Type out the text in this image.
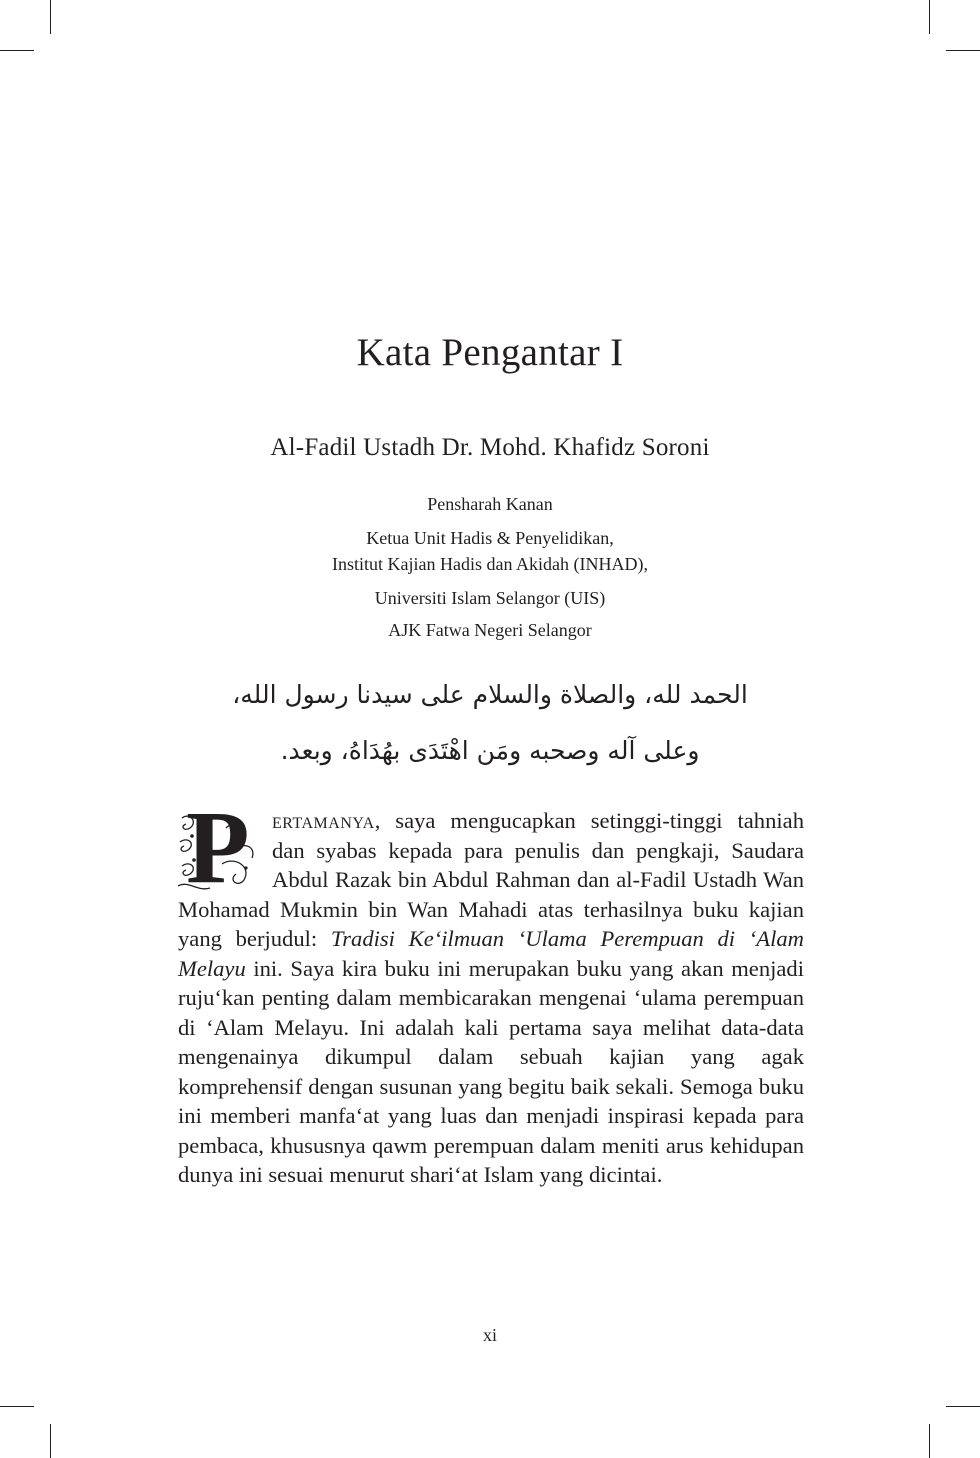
Kata Pengantar I
Al-Fadil Ustadh Dr. Mohd. Khafidz Soroni
Pensharah Kanan
Ketua Unit Hadis & Penyelidikan,
Institut Kajian Hadis dan Akidah (INHAD),
Universiti Islam Selangor (UIS)
AJK Fatwa Negeri Selangor
الحمد لله، والصلاة والسلام على سيدنا رسول الله،
وعلى آله وصحبه ومَن اهْتَدَى بهُدَاهُ، وبعد.

P ertamanya, saya mengucapkan setinggi-tinggi tahniah dan syabas kepada para penulis dan pengkaji, Saudara Abdul Razak bin Abdul Rahman dan al-Fadil Ustadh Wan Mohamad Mukmin bin Wan Mahadi atas terhasilnya buku kajian yang berjudul: Tradisi Ke‘ilmuan ‘Ulama Perempuan di ‘Alam Melayu ini. Saya kira buku ini merupakan buku yang akan menjadi ruju‘kan penting dalam membicarakan mengenai ‘ulama perempuan di ‘Alam Melayu. Ini adalah kali pertama saya melihat data-data mengenainya dikumpul dalam sebuah kajian yang agak komprehensif dengan susunan yang begitu baik sekali. Semoga buku ini memberi manfa‘at yang luas dan menjadi inspirasi kepada para pembaca, khususnya qawm perempuan dalam meniti arus kehidupan dunya ini sesuai menurut shari‘at Islam yang dicintai.

xi
